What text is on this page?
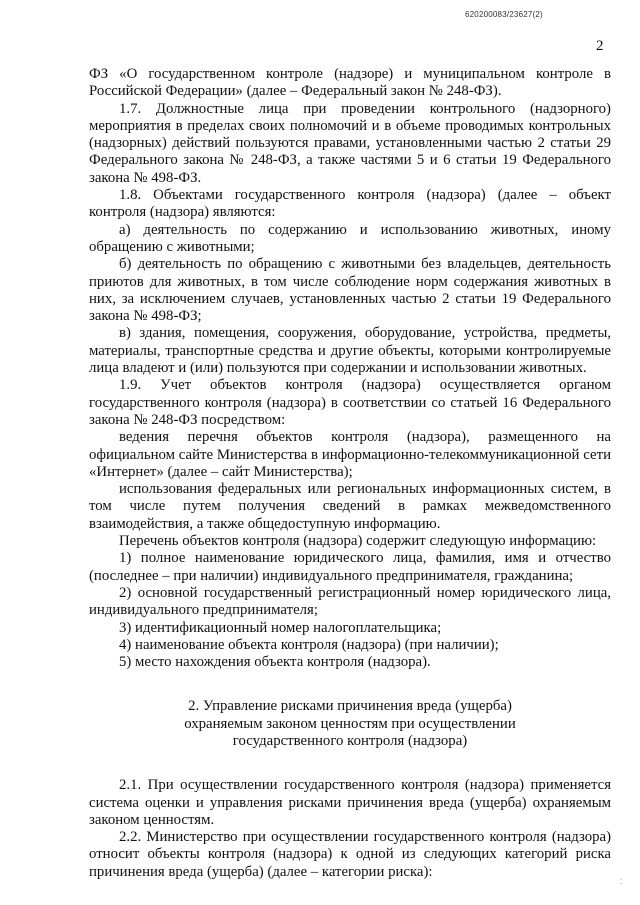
620200083/23627(2)
2

ФЗ «О государственном контроле (надзоре) и муниципальном контроле в Российской Федерации» (далее – Федеральный закон № 248-ФЗ).

1.7. Должностные лица при проведении контрольного (надзорного) мероприятия в пределах своих полномочий и в объеме проводимых контрольных (надзорных) действий пользуются правами, установленными частью 2 статьи 29 Федерального закона № 248-ФЗ, а также частями 5 и 6 статьи 19 Федерального закона № 498-ФЗ.

1.8. Объектами государственного контроля (надзора) (далее – объект контроля (надзора) являются:

а) деятельность по содержанию и использованию животных, иному обращению с животными;

б) деятельность по обращению с животными без владельцев, деятельность приютов для животных, в том числе соблюдение норм содержания животных в них, за исключением случаев, установленных частью 2 статьи 19 Федерального закона № 498-ФЗ;

в) здания, помещения, сооружения, оборудование, устройства, предметы, материалы, транспортные средства и другие объекты, которыми контролируемые лица владеют и (или) пользуются при содержании и использовании животных.

1.9. Учет объектов контроля (надзора) осуществляется органом государственного контроля (надзора) в соответствии со статьей 16 Федерального закона № 248-ФЗ посредством:

ведения перечня объектов контроля (надзора), размещенного на официальном сайте Министерства в информационно-телекоммуникационной сети «Интернет» (далее – сайт Министерства);

использования федеральных или региональных информационных систем, в том числе путем получения сведений в рамках межведомственного взаимодействия, а также общедоступную информацию.

Перечень объектов контроля (надзора) содержит следующую информацию:

1) полное наименование юридического лица, фамилия, имя и отчество (последнее – при наличии) индивидуального предпринимателя, гражданина;

2) основной государственный регистрационный номер юридического лица, индивидуального предпринимателя;

3) идентификационный номер налогоплательщика;

4) наименование объекта контроля (надзора) (при наличии);

5) место нахождения объекта контроля (надзора).

2. Управление рисками причинения вреда (ущерба)
охраняемым законом ценностям при осуществлении
государственного контроля (надзора)

2.1. При осуществлении государственного контроля (надзора) применяется система оценки и управления рисками причинения вреда (ущерба) охраняемым законом ценностям.

2.2. Министерство при осуществлении государственного контроля (надзора) относит объекты контроля (надзора) к одной из следующих категорий риска причинения вреда (ущерба) (далее – категории риска):

⁚
